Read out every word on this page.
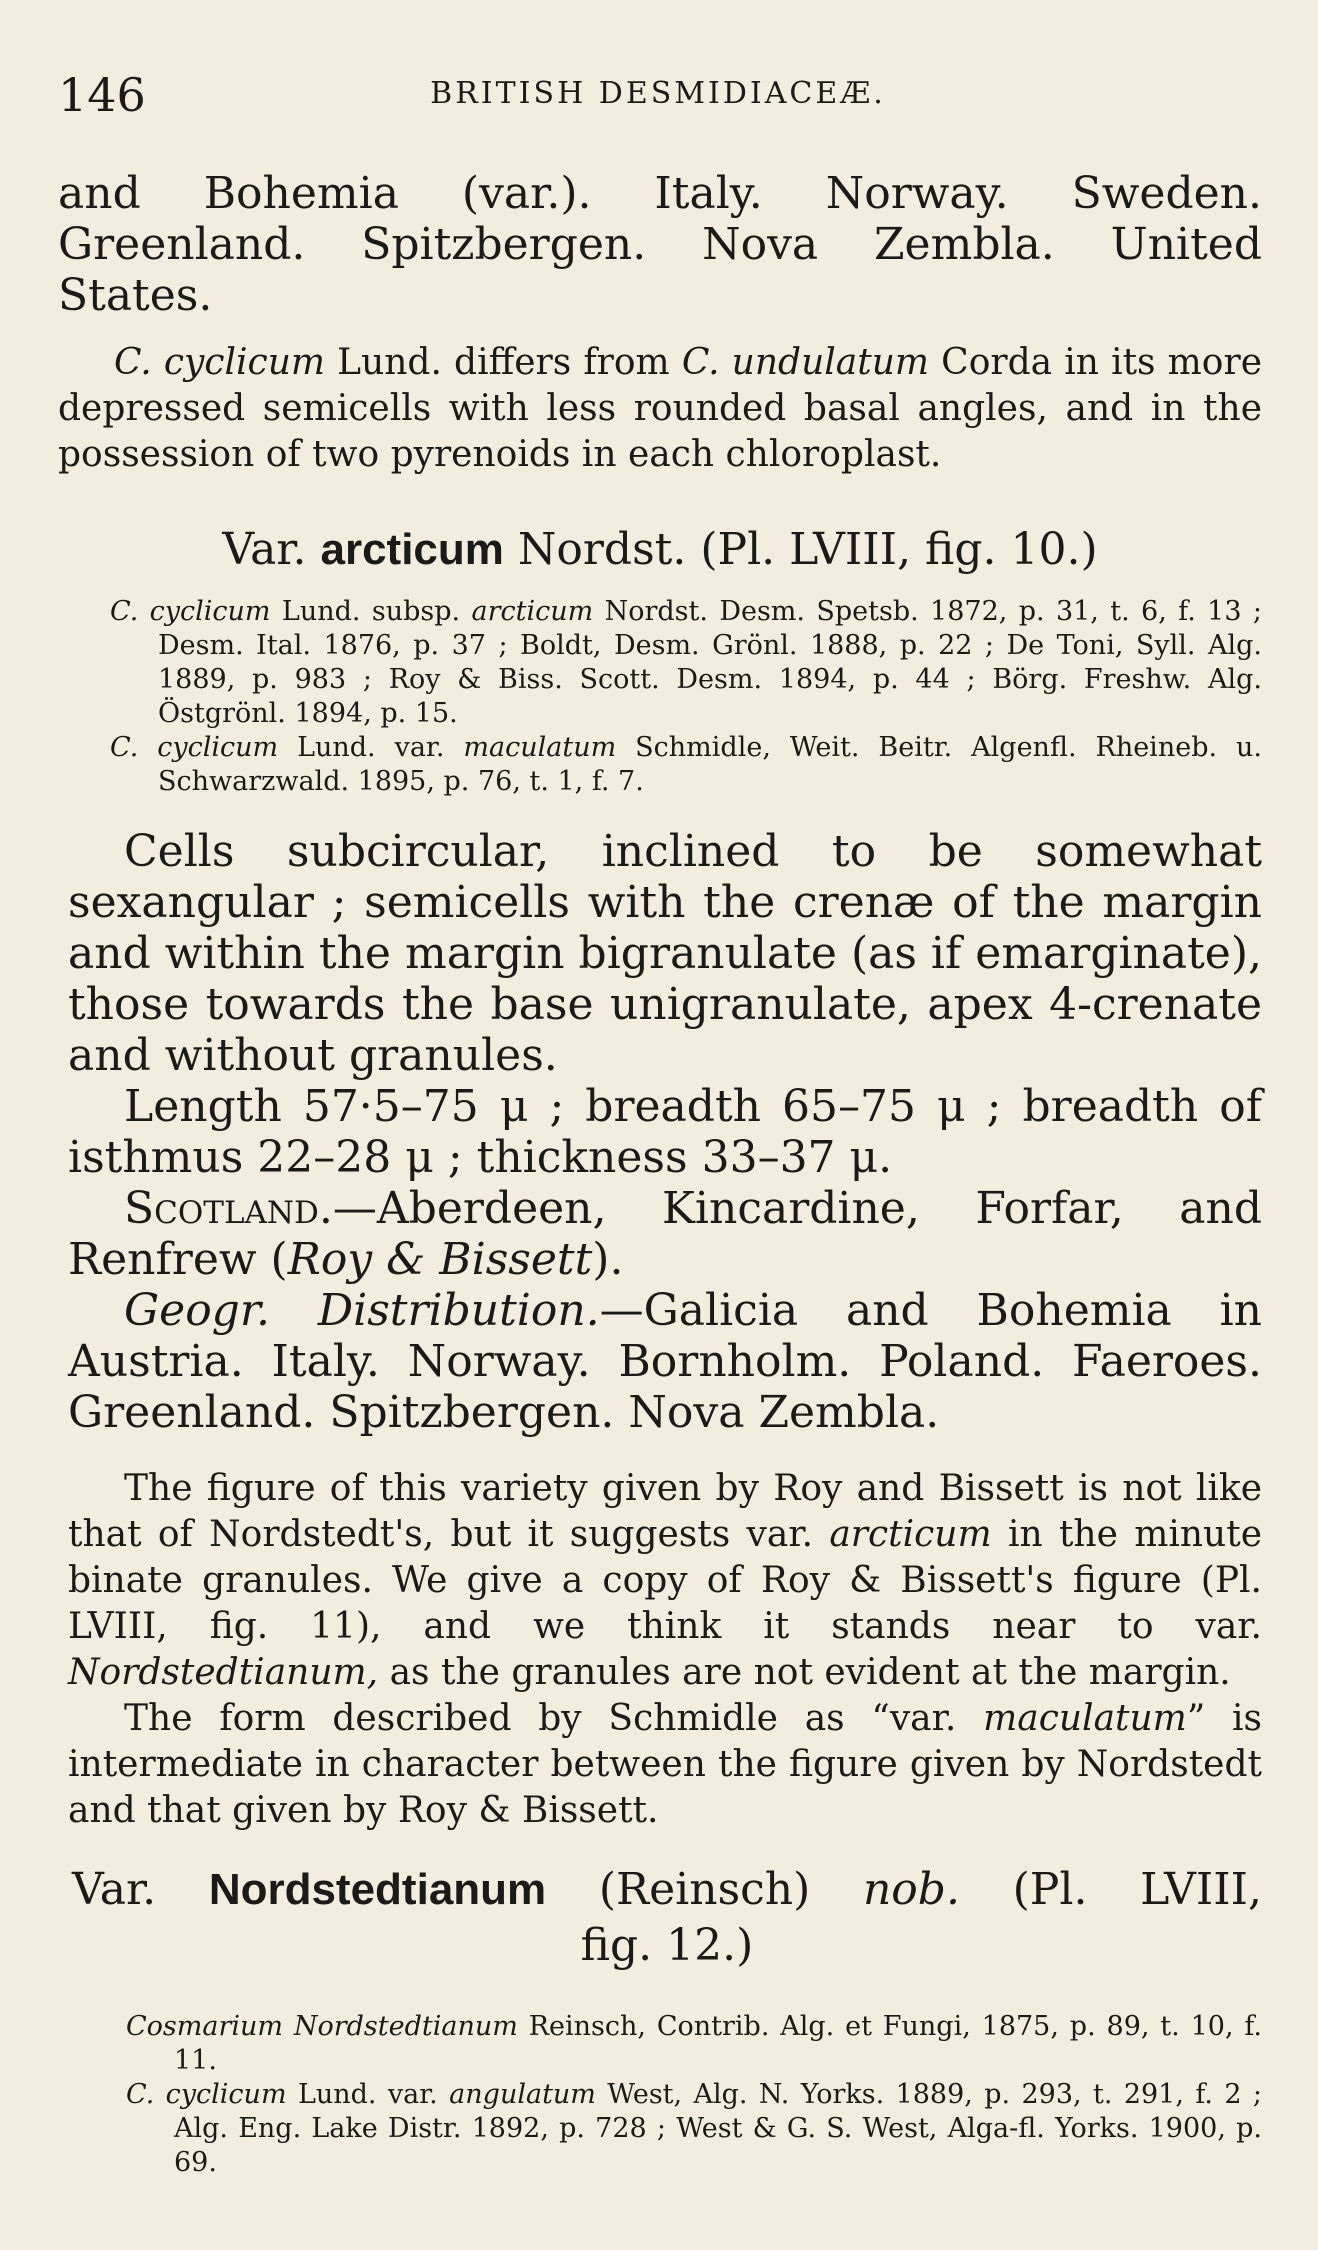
146	BRITISH DESMIDIACEÆ.

and Bohemia (var.). Italy. Norway. Sweden.

Greenland. Spitzbergen. Nova Zembla. United

States.

C. cyclicum Lund. differs from C. undulatum Corda in its more depressed semicells with less rounded basal angles, and in the possession of two pyrenoids in each chloroplast.

Var. arcticum Nordst. (Pl. LVIII, fig. 10.)

C. cyclicum Lund. subsp. arcticum Nordst. Desm. Spetsb. 1872, p. 31, t. 6, f. 13 ; Desm. Ital. 1876, p. 37 ; Boldt, Desm. Grönl. 1888, p. 22 ; De Toni, Syll. Alg. 1889, p. 983 ; Roy & Biss. Scott. Desm. 1894, p. 44 ; Börg. Freshw. Alg. Östgrönl. 1894, p. 15.

C. cyclicum Lund. var. maculatum Schmidle, Weit. Beitr. Algenfl. Rheineb. u. Schwarzwald. 1895, p. 76, t. 1, f. 7.

Cells subcircular, inclined to be somewhat sexangular ; semicells with the crenæ of the margin and within the margin bigranulate (as if emarginate), those towards the base unigranulate, apex 4-crenate and without granules.

Length 57·5–75 μ ; breadth 65–75 μ ; breadth of isthmus 22–28 μ ; thickness 33–37 μ.

Scotland.—Aberdeen, Kincardine, Forfar, and Renfrew (Roy & Bissett).

Geogr. Distribution.—Galicia and Bohemia in Austria. Italy. Norway. Bornholm. Poland. Faeroes. Greenland. Spitzbergen. Nova Zembla.

The figure of this variety given by Roy and Bissett is not like that of Nordstedt's, but it suggests var. arcticum in the minute binate granules. We give a copy of Roy & Bissett's figure (Pl. LVIII, fig. 11), and we think it stands near to var. Nordstedtianum, as the granules are not evident at the margin.

The form described by Schmidle as “var. maculatum” is intermediate in character between the figure given by Nordstedt and that given by Roy & Bissett.

Var. Nordstedtianum (Reinsch) nob. (Pl. LVIII,

fig. 12.)

Cosmarium Nordstedtianum Reinsch, Contrib. Alg. et Fungi, 1875, p. 89, t. 10, f. 11.

C. cyclicum Lund. var. angulatum West, Alg. N. Yorks. 1889, p. 293, t. 291, f. 2 ; Alg. Eng. Lake Distr. 1892, p. 728 ; West & G. S. West, Alga-fl. Yorks. 1900, p. 69.
